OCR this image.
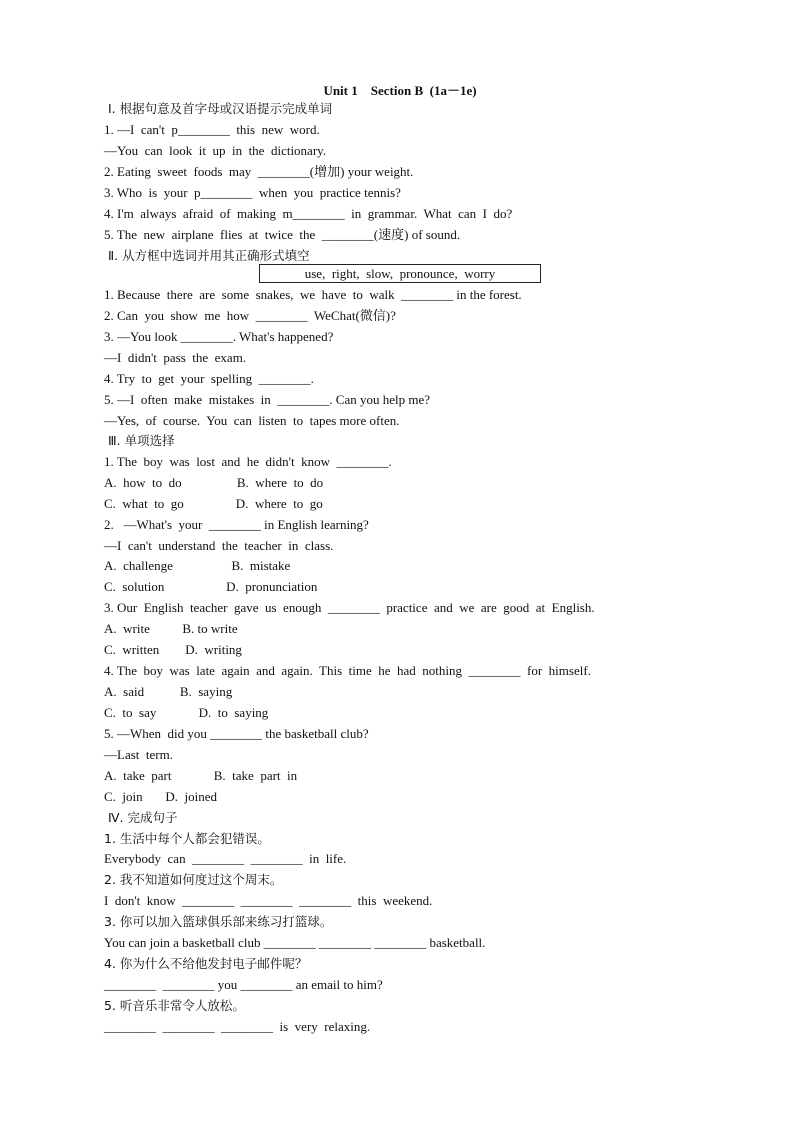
Unit 1    Section B  (1a－1e)
Ⅰ. 根据句意及首字母或汉语提示完成单词
1. —I  can't  p________  this  new  word.
—You  can  look  it  up  in  the  dictionary.
2. Eating  sweet  foods  may  ________(增加) your weight.
3. Who  is  your  p________  when  you  practice tennis?
4. I'm  always  afraid  of  making  m________  in  grammar.  What  can  I  do?
5. The  new  airplane  flies  at  twice  the  ________(速度) of sound.
Ⅱ. 从方框中选词并用其正确形式填空
use,  right,  slow,  pronounce,  worry
1. Because  there  are  some  snakes,  we  have  to  walk  ________ in the forest.
2. Can  you  show  me  how  ________  WeChat(微信)?
3. —You look ________. What's happened?
—I  didn't  pass  the  exam.
4. Try  to  get  your  spelling  ________.
5. —I  often  make  mistakes  in  ________. Can you help me?
—Yes,  of  course.  You  can  listen  to  tapes more often.
Ⅲ. 单项选择
1. The  boy  was  lost  and  he  didn't  know  ________.
A.  how  to  do                 B.  where  to  do
C.  what  to  go                D.  where  to  go
2.   —What's  your  ________ in English learning?
—I  can't  understand  the  teacher  in  class.
A.  challenge                  B.  mistake
C.  solution                   D.  pronunciation
3. Our  English  teacher  gave  us  enough  ________  practice  and  we  are  good  at  English.
A.  write          B. to write
C.  written        D.  writing
4. The  boy  was  late  again  and  again.  This  time  he  had  nothing  ________  for  himself.
A.  said           B.  saying
C.  to  say             D.  to  saying
5. —When  did you ________ the basketball club?
—Last  term.
A.  take  part             B.  take  part  in
C.  join       D.  joined
Ⅳ. 完成句子
1. 生活中每个人都会犯错误。
Everybody  can  ________  ________  in  life.
2. 我不知道如何度过这个周末。
I  don't  know  ________  ________  ________  this  weekend.
3. 你可以加入篮球俱乐部来练习打篮球。
You can join a basketball club ________ ________ ________ basketball.
4. 你为什么不给他发封电子邮件呢？
________  ________ you ________ an email to him?
5. 听音乐非常令人放松。
________  ________  ________  is  very  relaxing.
